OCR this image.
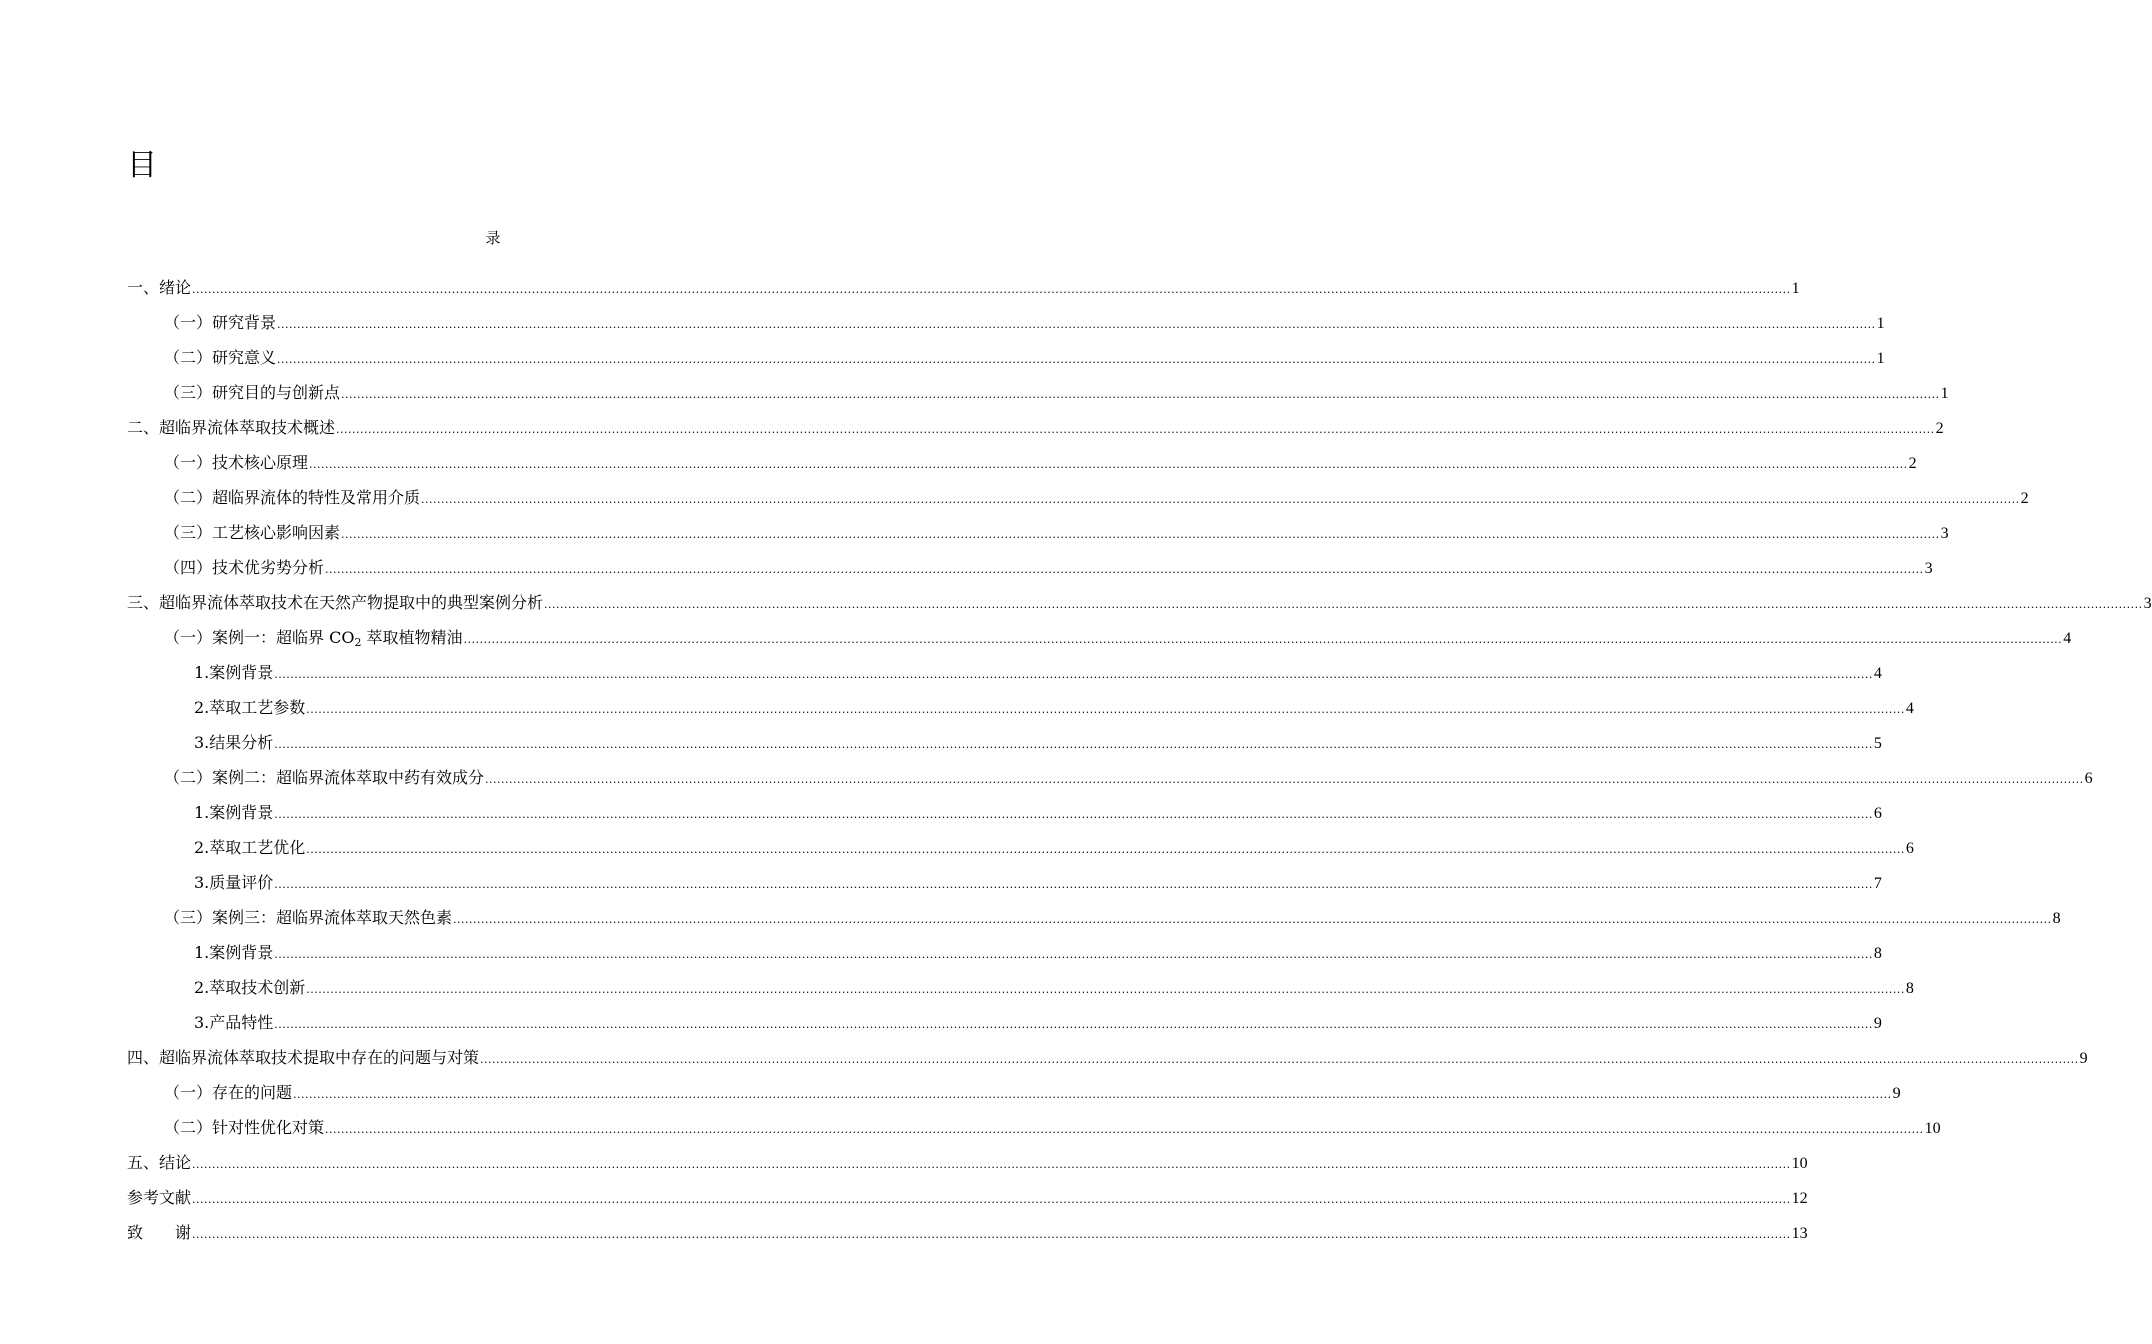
目
录
一、绪论 ................................................................................................................................................................................................................................................................................................................................................................................................................ 1
（一）研究背景 ................................................................................................................................................................................................................................................................................................................................................................................................................ 1
（二）研究意义 ................................................................................................................................................................................................................................................................................................................................................................................................................ 1
（三）研究目的与创新点 ................................................................................................................................................................................................................................................................................................................................................................................................................ 1
二、超临界流体萃取技术概述 ................................................................................................................................................................................................................................................................................................................................................................................................................ 2
（一）技术核心原理 ................................................................................................................................................................................................................................................................................................................................................................................................................ 2
（二）超临界流体的特性及常用介质 ................................................................................................................................................................................................................................................................................................................................................................................................................ 2
（三）工艺核心影响因素 ................................................................................................................................................................................................................................................................................................................................................................................................................ 3
（四）技术优劣势分析 ................................................................................................................................................................................................................................................................................................................................................................................................................ 3
三、超临界流体萃取技术在天然产物提取中的典型案例分析 ................................................................................................................................................................................................................................................................................................................................................................................................................ 3
（一）案例一：超临界 $CO_2$ 萃取植物精油 ................................................................................................................................................................................................................................................................................................................................................................................................................ 4
1.案例背景 ................................................................................................................................................................................................................................................................................................................................................................................................................ 4
2.萃取工艺参数 ................................................................................................................................................................................................................................................................................................................................................................................................................ 4
3.结果分析 ................................................................................................................................................................................................................................................................................................................................................................................................................ 5
（二）案例二：超临界流体萃取中药有效成分 ................................................................................................................................................................................................................................................................................................................................................................................................................ 6
1.案例背景 ................................................................................................................................................................................................................................................................................................................................................................................................................ 6
2.萃取工艺优化 ................................................................................................................................................................................................................................................................................................................................................................................................................ 6
3.质量评价 ................................................................................................................................................................................................................................................................................................................................................................................................................ 7
（三）案例三：超临界流体萃取天然色素 ................................................................................................................................................................................................................................................................................................................................................................................................................ 8
1.案例背景 ................................................................................................................................................................................................................................................................................................................................................................................................................ 8
2.萃取技术创新 ................................................................................................................................................................................................................................................................................................................................................................................................................ 8
3.产品特性 ................................................................................................................................................................................................................................................................................................................................................................................................................ 9
四、超临界流体萃取技术提取中存在的问题与对策 ................................................................................................................................................................................................................................................................................................................................................................................................................ 9
（一）存在的问题 ................................................................................................................................................................................................................................................................................................................................................................................................................ 9
（二）针对性优化对策 ................................................................................................................................................................................................................................................................................................................................................................................................................ 10
五、结论 ................................................................................................................................................................................................................................................................................................................................................................................................................ 10
参考文献 ................................................................................................................................................................................................................................................................................................................................................................................................................ 12
致 谢 ................................................................................................................................................................................................................................................................................................................................................................................................................ 13
